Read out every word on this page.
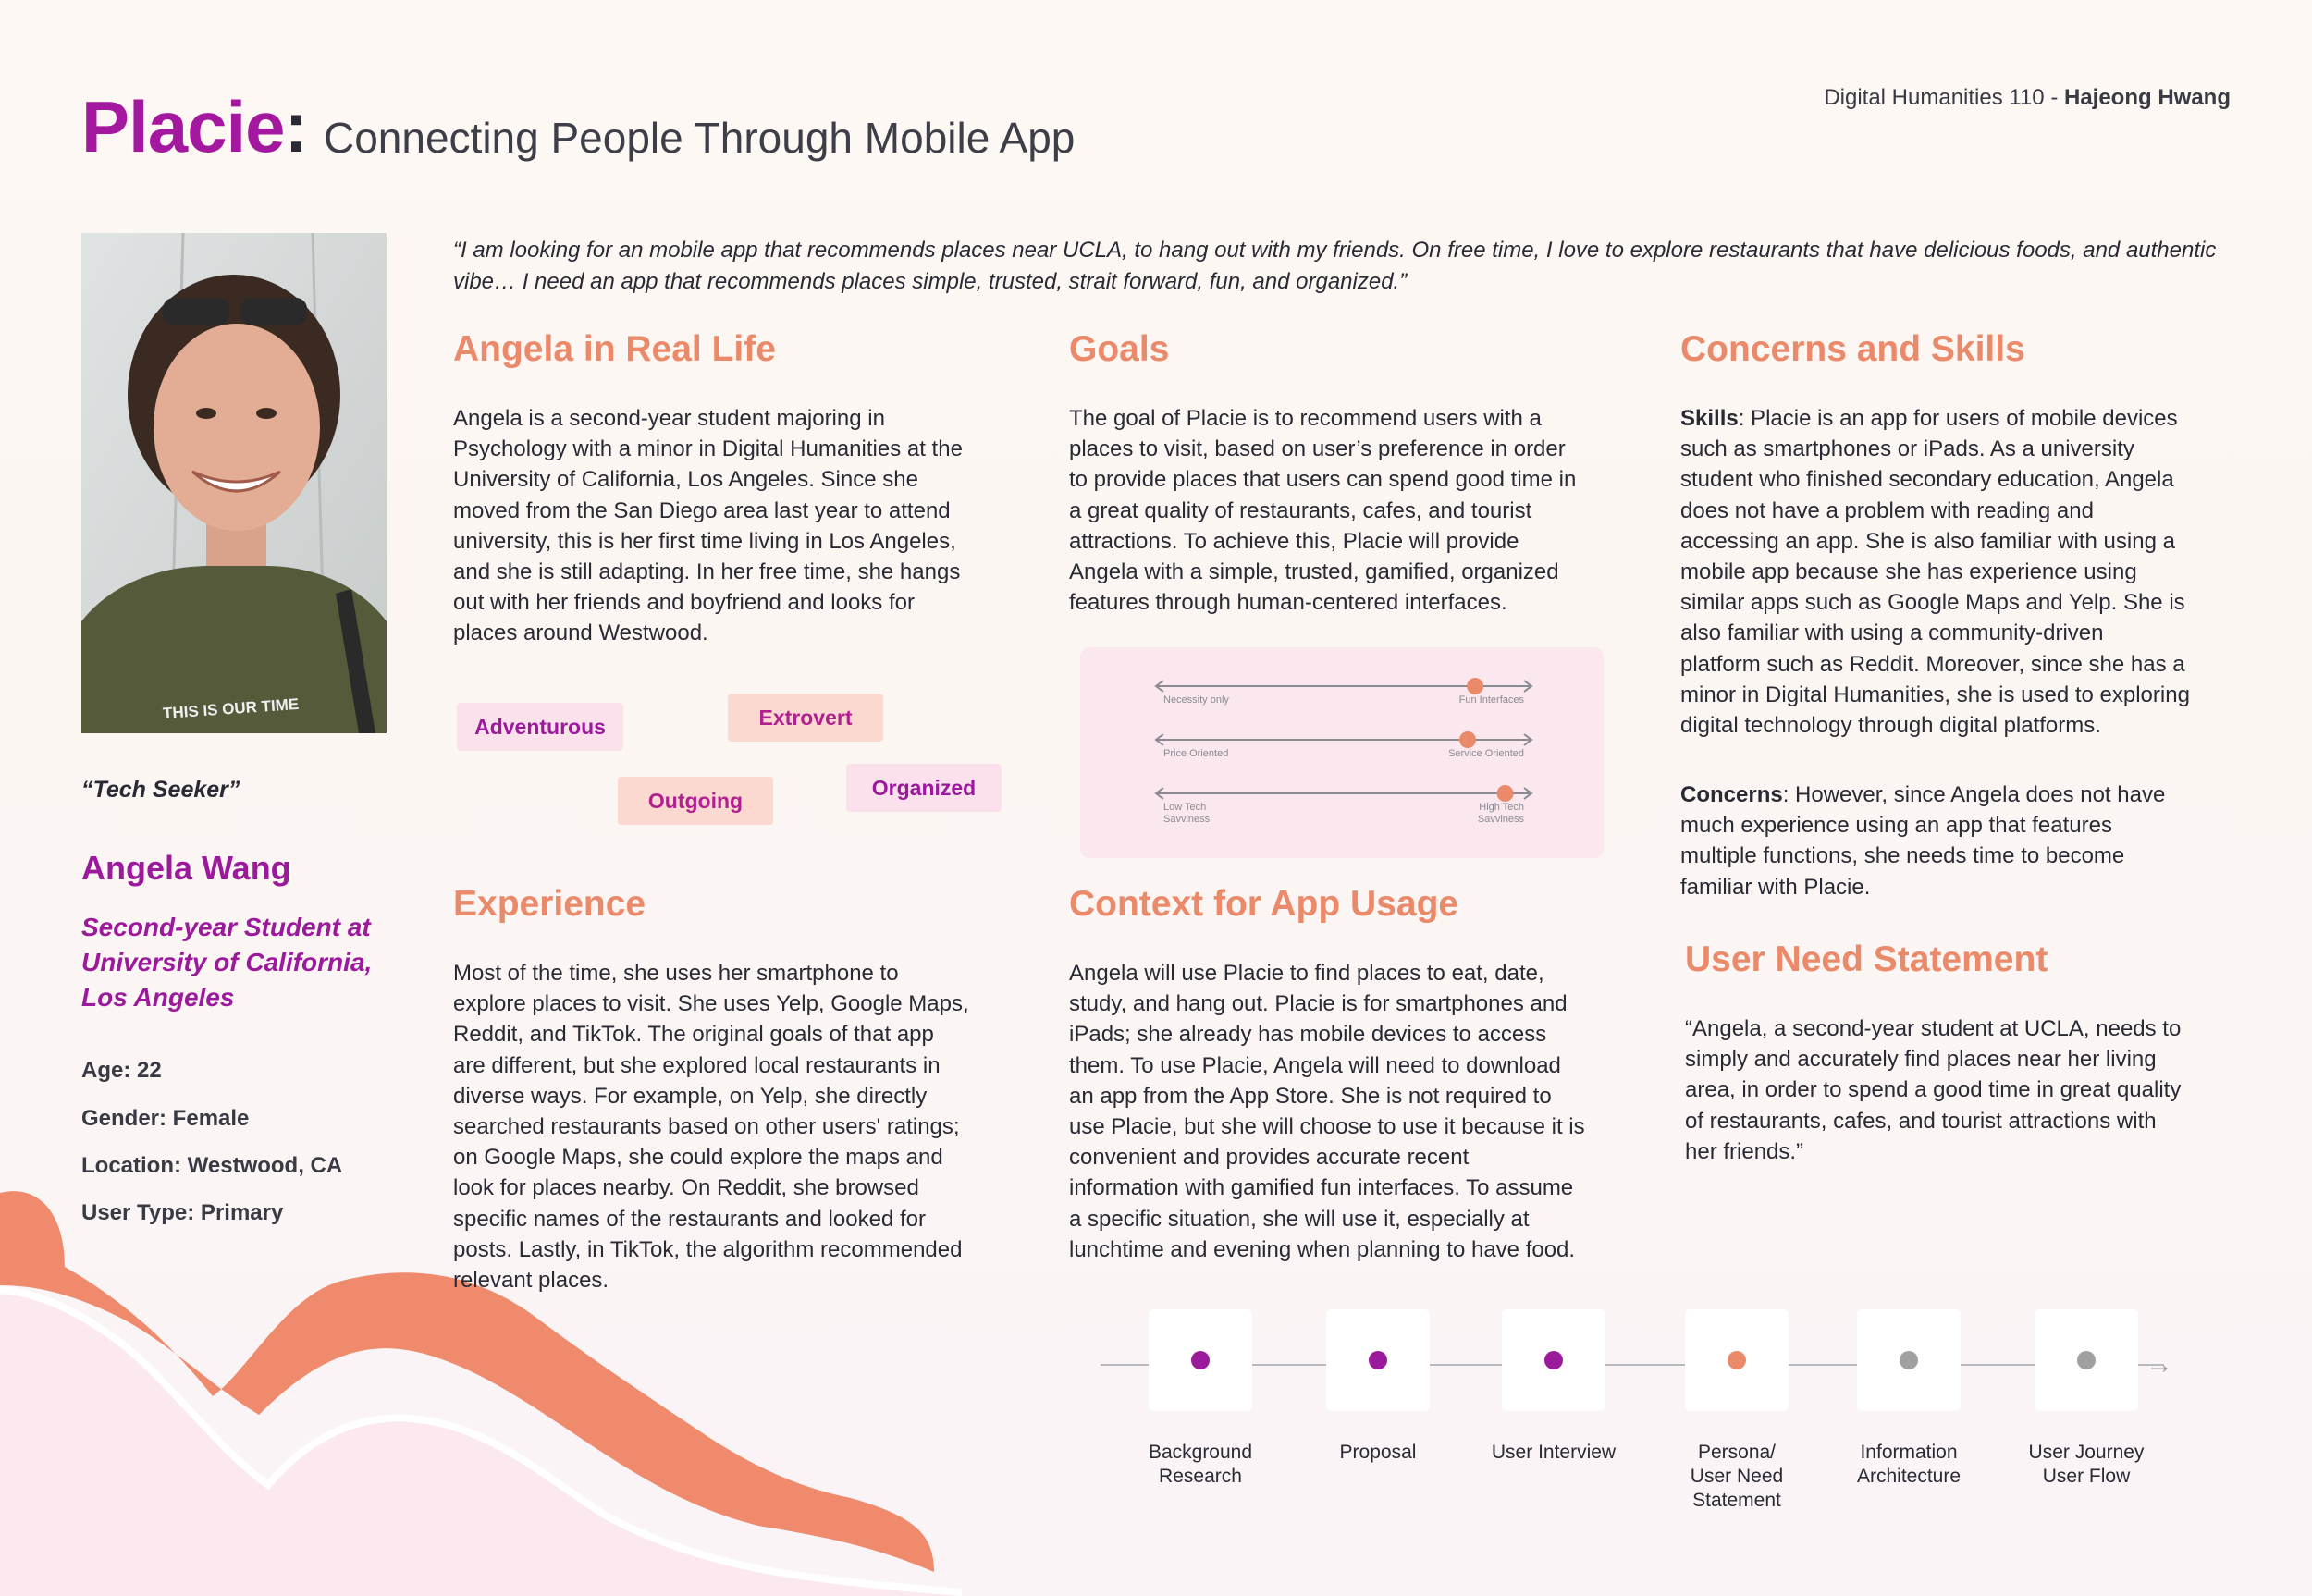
Placie: Connecting People Through Mobile App
Digital Humanities 110 - Hajeong Hwang
THIS IS OUR TIME
“Tech Seeker”
Angela Wang
Second-year Student at
University of California,
Los Angeles
Age: 22
Gender: Female
Location: Westwood, CA
User Type: Primary
“I am looking for an mobile app that recommends places near UCLA, to hang out with my friends. On free time, I love to explore restaurants that have delicious foods, and authentic vibe… I need an app that recommends places simple, trusted, strait forward, fun, and organized.”
Angela in Real Life
Angela is a second-year student majoring in
Psychology with a minor in Digital Humanities at the
University of California, Los Angeles. Since she
moved from the San Diego area last year to attend
university, this is her first time living in Los Angeles,
and she is still adapting. In her free time, she hangs
out with her friends and boyfriend and looks for
places around Westwood.
Adventurous	Extrovert
Outgoing
Organized
Experience
Most of the time, she uses her smartphone to
explore places to visit. She uses Yelp, Google Maps,
Reddit, and TikTok. The original goals of that app
are different, but she explored local restaurants in
diverse ways. For example, on Yelp, she directly
searched restaurants based on other users' ratings;
on Google Maps, she could explore the maps and
look for places nearby. On Reddit, she browsed
specific names of the restaurants and looked for
posts. Lastly, in TikTok, the algorithm recommended
relevant places.
Goals
The goal of Placie is to recommend users with a
places to visit, based on user’s preference in order
to provide places that users can spend good time in
a great quality of restaurants, cafes, and tourist
attractions. To achieve this, Placie will provide
Angela with a simple, trusted, gamified, organized
features through human-centered interfaces.
Necessity only	Fun Interfaces
Price Oriented	Service Oriented
Low Tech
Savviness
High Tech
Savviness
Context for App Usage
Angela will use Placie to find places to eat, date,
study, and hang out. Placie is for smartphones and
iPads; she already has mobile devices to access
them. To use Placie, Angela will need to download
an app from the App Store. She is not required to
use Placie, but she will choose to use it because it is
convenient and provides accurate recent
information with gamified fun interfaces. To assume
a specific situation, she will use it, especially at
lunchtime and evening when planning to have food.
Concerns and Skills
Skills: Placie is an app for users of mobile devices
such as smartphones or iPads. As a university
student who finished secondary education, Angela
does not have a problem with reading and
accessing an app. She is also familiar with using a
mobile app because she has experience using
similar apps such as Google Maps and Yelp. She is
also familiar with using a community-driven
platform such as Reddit. Moreover, since she has a
minor in Digital Humanities, she is used to exploring
digital technology through digital platforms.
Concerns: However, since Angela does not have
much experience using an app that features
multiple functions, she needs time to become
familiar with Placie.
User Need Statement
“Angela, a second-year student at UCLA, needs to
simply and accurately find places near her living
area, in order to spend a good time in great quality
of restaurants, cafes, and tourist attractions with
her friends.”
→
Background
Research
Proposal	User Interview	Persona/
User Need
Statement
Information
Architecture
User Journey
User Flow
